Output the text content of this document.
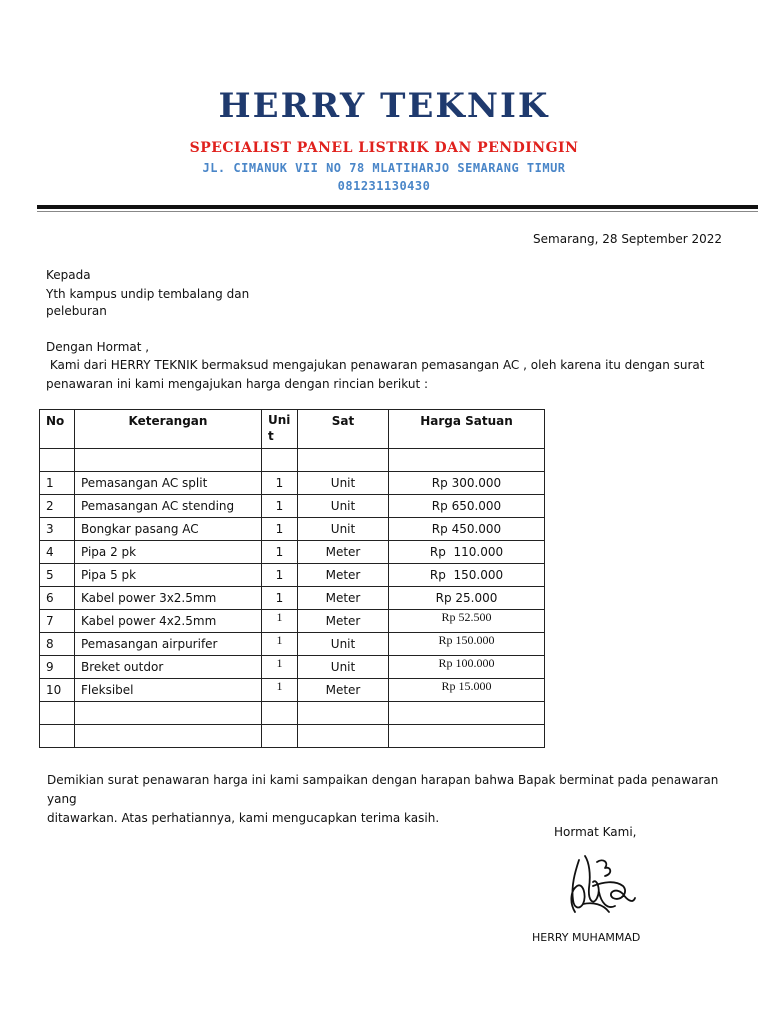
HERRY TEKNIK
SPECIALIST PANEL LISTRIK DAN PENDINGIN
JL. CIMANUK VII NO 78 MLATIHARJO SEMARANG TIMUR
081231130430
Semarang, 28 September 2022
Kepada
Yth kampus undip tembalang dan
peleburan
Dengan Hormat ,
Kami dari HERRY TEKNIK bermaksud mengajukan penawaran pemasangan AC , oleh karena itu dengan surat
penawaran ini kami mengajukan harga dengan rincian berikut :
No	Keterangan	Unit	Sat	Harga Satuan

1	Pemasangan AC split	1	Unit	Rp 300.000
2	Pemasangan AC stending	1	Unit	Rp 650.000
3	Bongkar pasang AC	1	Unit	Rp 450.000
4	Pipa 2 pk	1	Meter	Rp  110.000
5	Pipa 5 pk	1	Meter	Rp  150.000
6	Kabel power 3x2.5mm	1	Meter	Rp 25.000
7	Kabel power 4x2.5mm	1	Meter	Rp 52.500
8	Pemasangan airpurifer	1	Unit	Rp 150.000
9	Breket outdor	1	Unit	Rp 100.000
10	Fleksibel	1	Meter	Rp 15.000

Demikian surat penawaran harga ini kami sampaikan dengan harapan bahwa Bapak berminat pada penawaran yang
ditawarkan. Atas perhatiannya, kami mengucapkan terima kasih.
Hormat Kami,
HERRY MUHAMMAD
